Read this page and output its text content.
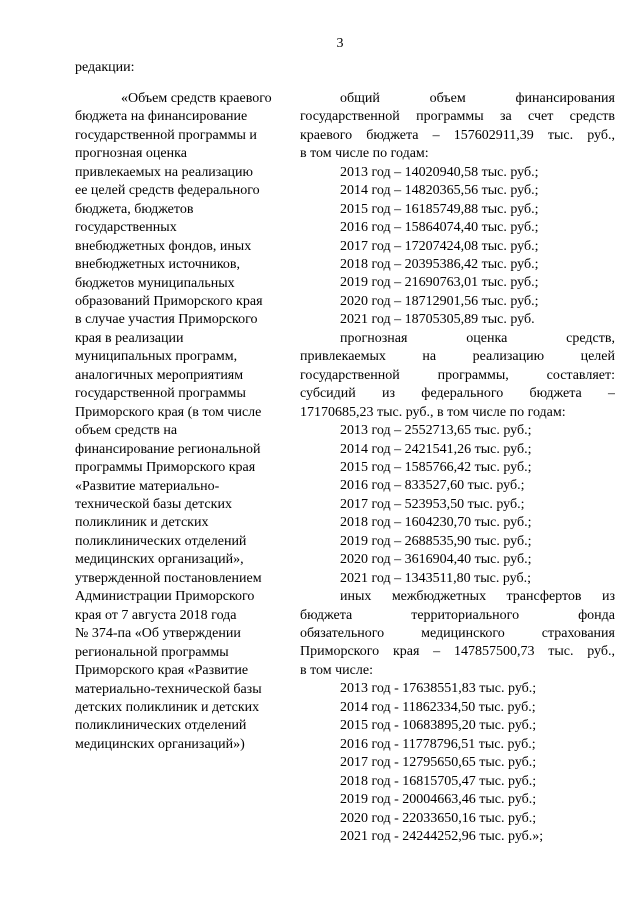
3
редакции:
«Объем средств краевого
бюджета на финансирование
государственной программы и
прогнозная оценка
привлекаемых на реализацию
ее целей средств федерального
бюджета, бюджетов
государственных
внебюджетных фондов, иных
внебюджетных источников,
бюджетов муниципальных
образований Приморского края
в случае участия Приморского
края в реализации
муниципальных программ,
аналогичных мероприятиям
государственной программы
Приморского края (в том числе
объем средств на
финансирование региональной
программы Приморского края
«Развитие материально-
технической базы детских
поликлиник и детских
поликлинических отделений
медицинских организаций»,
утвержденной постановлением
Администрации Приморского
края от 7 августа 2018 года
№ 374-па «Об утверждении
региональной программы
Приморского края «Развитие
материально-технической базы
детских поликлиник и детских
поликлинических отделений
медицинских организаций»)
общий объем финансирования
государственной программы за счет средств
краевого бюджета – 157602911,39 тыс. руб.,
в том числе по годам:
2013 год – 14020940,58 тыс. руб.;
2014 год – 14820365,56 тыс. руб.;
2015 год – 16185749,88 тыс. руб.;
2016 год – 15864074,40 тыс. руб.;
2017 год – 17207424,08 тыс. руб.;
2018 год – 20395386,42 тыс. руб.;
2019 год – 21690763,01 тыс. руб.;
2020 год – 18712901,56 тыс. руб.;
2021 год – 18705305,89 тыс. руб.
прогнозная оценка средств,
привлекаемых на реализацию целей
государственной программы, составляет:
субсидий из федерального бюджета –
17170685,23 тыс. руб., в том числе по годам:
2013 год – 2552713,65 тыс. руб.;
2014 год – 2421541,26 тыс. руб.;
2015 год – 1585766,42 тыс. руб.;
2016 год – 833527,60 тыс. руб.;
2017 год – 523953,50 тыс. руб.;
2018 год – 1604230,70 тыс. руб.;
2019 год – 2688535,90 тыс. руб.;
2020 год – 3616904,40 тыс. руб.;
2021 год – 1343511,80 тыс. руб.;
иных межбюджетных трансфертов из
бюджета территориального фонда
обязательного медицинского страхования
Приморского края – 147857500,73 тыс. руб.,
в том числе:
2013 год - 17638551,83 тыс. руб.;
2014 год - 11862334,50 тыс. руб.;
2015 год - 10683895,20 тыс. руб.;
2016 год - 11778796,51 тыс. руб.;
2017 год - 12795650,65 тыс. руб.;
2018 год - 16815705,47 тыс. руб.;
2019 год - 20004663,46 тыс. руб.;
2020 год - 22033650,16 тыс. руб.;
2021 год - 24244252,96 тыс. руб.»;
